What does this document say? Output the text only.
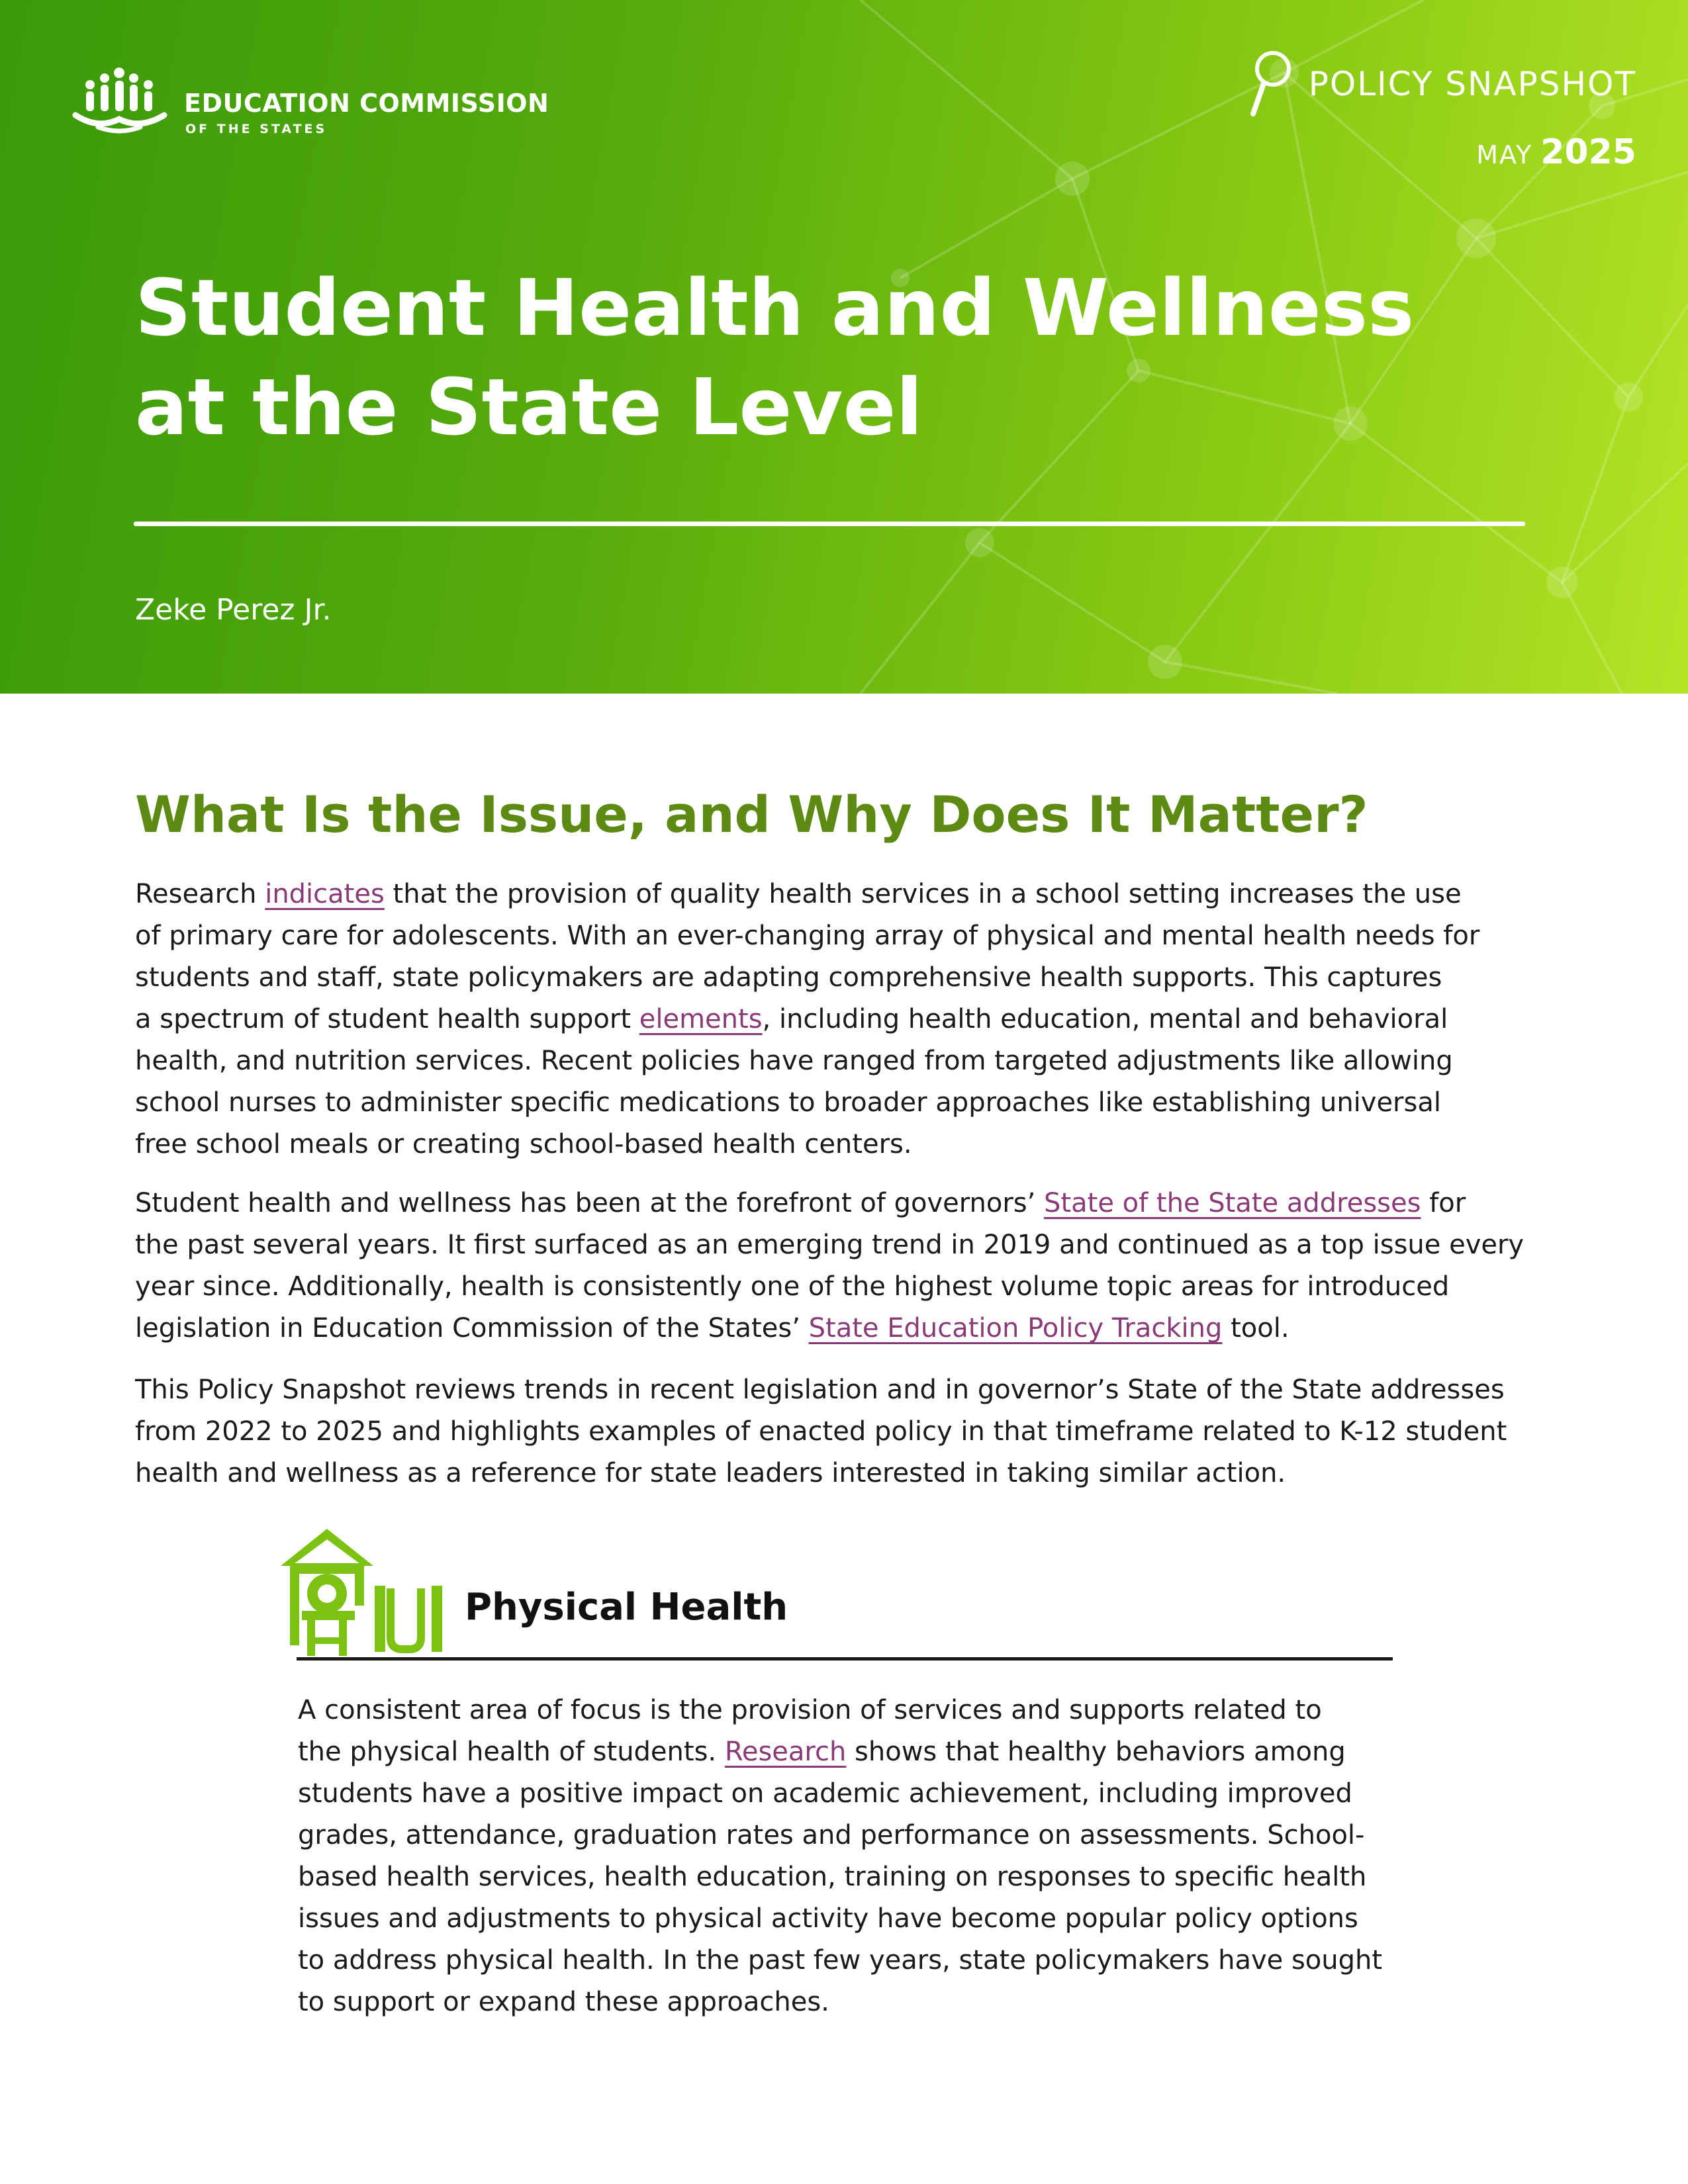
EDUCATION COMMISSION
OF THE STATES
POLICY SNAPSHOT
MAY 2025
Student Health and Wellness
at the State Level
Zeke Perez Jr.
What Is the Issue, and Why Does It Matter?
Research indicates that the provision of quality health services in a school setting increases the use
of primary care for adolescents. With an ever-changing array of physical and mental health needs for
students and staff, state policymakers are adapting comprehensive health supports. This captures
a spectrum of student health support elements, including health education, mental and behavioral
health, and nutrition services. Recent policies have ranged from targeted adjustments like allowing
school nurses to administer specific medications to broader approaches like establishing universal
free school meals or creating school-based health centers.
Student health and wellness has been at the forefront of governors’ State of the State addresses for
the past several years. It first surfaced as an emerging trend in 2019 and continued as a top issue every
year since. Additionally, health is consistently one of the highest volume topic areas for introduced
legislation in Education Commission of the States’ State Education Policy Tracking tool.
This Policy Snapshot reviews trends in recent legislation and in governor’s State of the State addresses
from 2022 to 2025 and highlights examples of enacted policy in that timeframe related to K-12 student
health and wellness as a reference for state leaders interested in taking similar action.
Physical Health
A consistent area of focus is the provision of services and supports related to
the physical health of students. Research shows that healthy behaviors among
students have a positive impact on academic achievement, including improved
grades, attendance, graduation rates and performance on assessments. School-
based health services, health education, training on responses to specific health
issues and adjustments to physical activity have become popular policy options
to address physical health. In the past few years, state policymakers have sought
to support or expand these approaches.
